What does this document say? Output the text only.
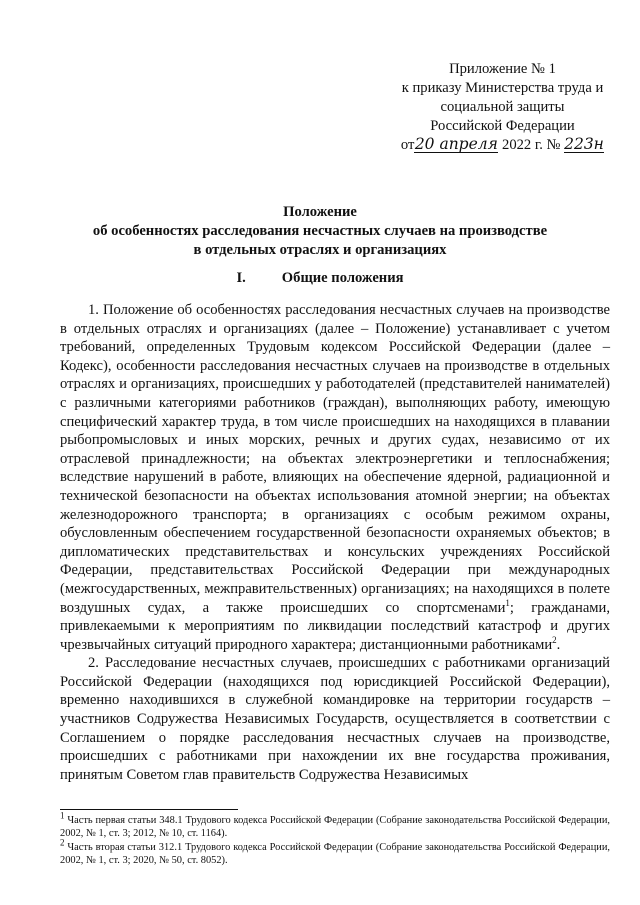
Приложение № 1
к приказу Министерства труда и
социальной защиты
Российской Федерации
от20 апреля 2022 г. № 223н
Положение
об особенностях расследования несчастных случаев на производстве
в отдельных отраслях и организациях
I. Общие положения

1. Положение об особенностях расследования несчастных случаев на производстве в отдельных отраслях и организациях (далее – Положение) устанавливает с учетом требований, определенных Трудовым кодексом Российской Федерации (далее – Кодекс), особенности расследования несчастных случаев на производстве в отдельных отраслях и организациях, происшедших у работодателей (представителей нанимателей) с различными категориями работников (граждан), выполняющих работу, имеющую специфический характер труда, в том числе происшедших на находящихся в плавании рыбопромысловых и иных морских, речных и других судах, независимо от их отраслевой принадлежности; на объектах электроэнергетики и теплоснабжения; вследствие нарушений в работе, влияющих на обеспечение ядерной, радиационной и технической безопасности на объектах использования атомной энергии; на объектах железнодорожного транспорта; в организациях с особым режимом охраны, обусловленным обеспечением государственной безопасности охраняемых объектов; в дипломатических представительствах и консульских учреждениях Российской Федерации, представительствах Российской Федерации при международных (межгосударственных, межправительственных) организациях; на находящихся в полете воздушных судах, а также происшедших со спортсменами$^1$; гражданами, привлекаемыми к мероприятиям по ликвидации последствий катастроф и других чрезвычайных ситуаций природного характера; дистанционными работниками$^2$.

2. Расследование несчастных случаев, происшедших с работниками организаций Российской Федерации (находящихся под юрисдикцией Российской Федерации), временно находившихся в служебной командировке на территории государств – участников Содружества Независимых Государств, осуществляется в соответствии с Соглашением о порядке расследования несчастных случаев на производстве, происшедших с работниками при нахождении их вне государства проживания, принятым Советом глав правительств Содружества Независимых

$^1$ Часть первая статьи 348.1 Трудового кодекса Российской Федерации (Собрание законодательства Российской Федерации, 2002, № 1, ст. 3; 2012, № 10, ст. 1164).

$^2$ Часть вторая статьи 312.1 Трудового кодекса Российской Федерации (Собрание законодательства Российской Федерации, 2002, № 1, ст. 3; 2020, № 50, ст. 8052).
